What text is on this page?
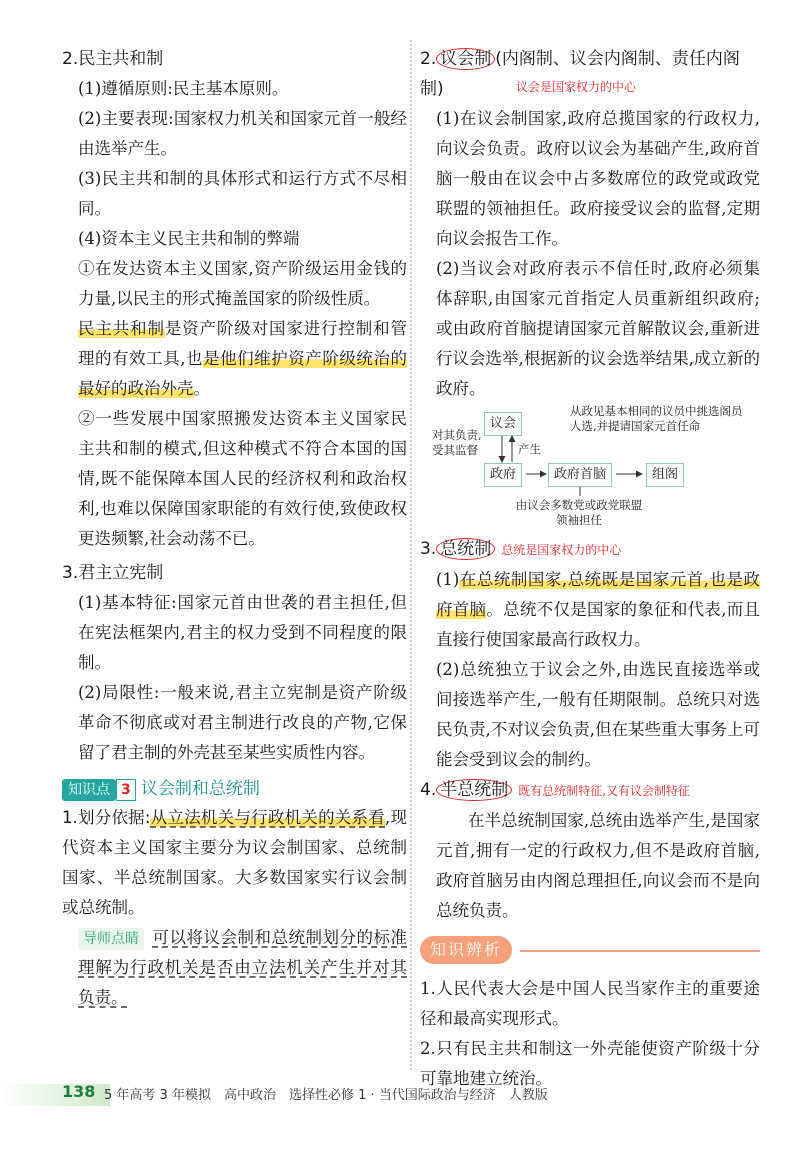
2.民主共和制

(1)遵循原则:民主基本原则。

(2)主要表现:国家权力机关和国家元首一般经由选举产生。

(3)民主共和制的具体形式和运行方式不尽相同。

(4)资本主义民主共和制的弊端

①在发达资本主义国家,资产阶级运用金钱的力量,以民主的形式掩盖国家的阶级性质。

民主共和制是资产阶级对国家进行控制和管理的有效工具,也是他们维护资产阶级统治的最好的政治外壳。

②一些发展中国家照搬发达资本主义国家民主共和制的模式,但这种模式不符合本国的国情,既不能保障本国人民的经济权利和政治权利,也难以保障国家职能的有效行使,致使政权更迭频繁,社会动荡不已。

3.君主立宪制

(1)基本特征:国家元首由世袭的君主担任,但在宪法框架内,君主的权力受到不同程度的限制。

(2)局限性:一般来说,君主立宪制是资产阶级革命不彻底或对君主制进行改良的产物,它保留了君主制的外壳甚至某些实质性内容。

知识点 3 议会制和总统制

1.划分依据:从立法机关与行政机关的关系看,现代资本主义国家主要分为议会制国家、总统制国家、半总统制国家。大多数国家实行议会制或总统制。

导师点睛 可以将议会制和总统制划分的标准理解为行政机关是否由立法机关产生并对其负责。

2. 议会制 (内阁制、议会内阁制、责任内阁制)	议会是国家权力的中心

(1)在议会制国家,政府总揽国家的行政权力,向议会负责。政府以议会为基础产生,政府首脑一般由在议会中占多数席位的政党或政党联盟的领袖担任。政府接受议会的监督,定期向议会报告工作。

(2)当议会对政府表示不信任时,政府必须集体辞职,由国家元首指定人员重新组织政府;或由政府首脑提请国家元首解散议会,重新进行议会选举,根据新的议会选举结果,成立新的政府。

议会
政府	政府首脑	组阁
对其负责,受其监督	产生
从政见基本相同的议员中挑选阁员人选,并提请国家元首任命
由议会多数党或政党联盟领袖担任

3. 总统制 总统是国家权力的中心

(1)在总统制国家,总统既是国家元首,也是政府首脑。总统不仅是国家的象征和代表,而且直接行使国家最高行政权力。

(2)总统独立于议会之外,由选民直接选举或间接选举产生,一般有任期限制。总统只对选民负责,不对议会负责,但在某些重大事务上可能会受到议会的制约。

4. 半总统制 既有总统制特征,又有议会制特征

在半总统制国家,总统由选举产生,是国家元首,拥有一定的行政权力,但不是政府首脑,政府首脑另由内阁总理担任,向议会而不是向总统负责。

知识辨析

1.人民代表大会是中国人民当家作主的重要途径和最高实现形式。

2.只有民主共和制这一外壳能使资产阶级十分可靠地建立统治。

138 5 年高考 3 年模拟　高中政治　选择性必修 1 · 当代国际政治与经济　人教版
